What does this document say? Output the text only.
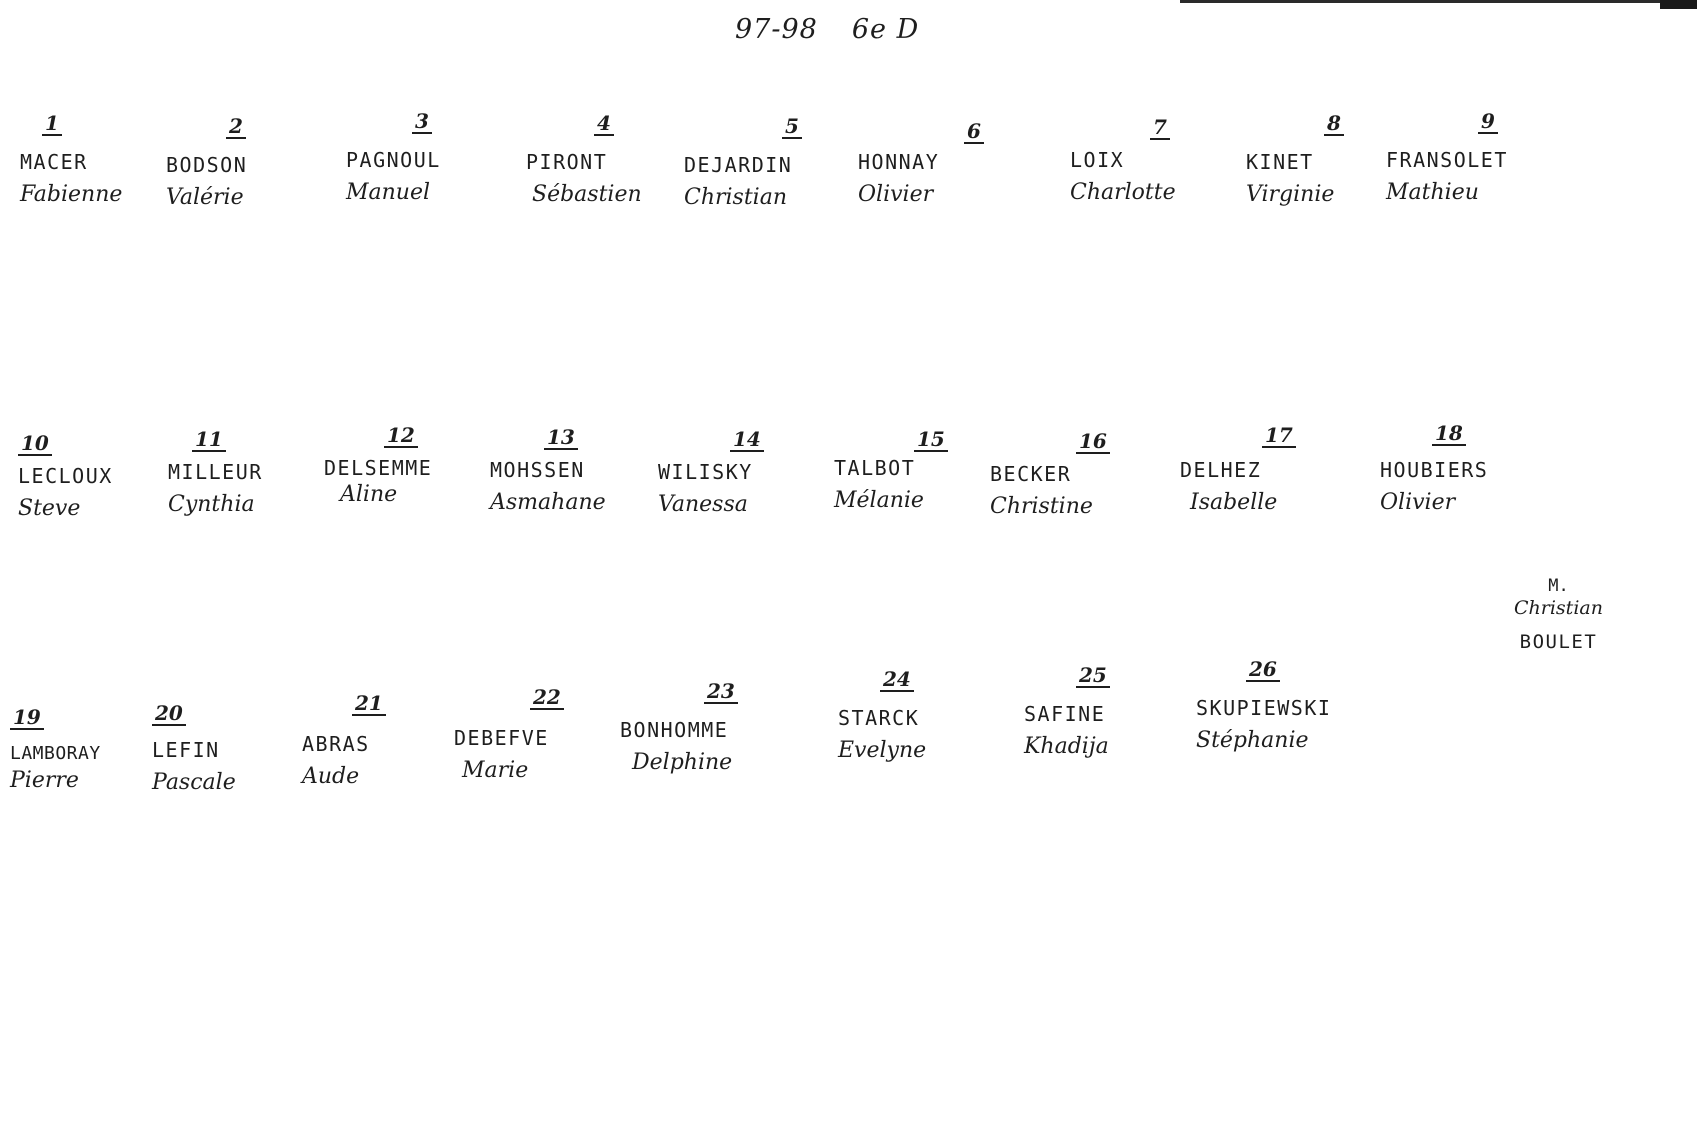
97-98 6e D
1
MACER
Fabienne
2
BODSON
Valérie
3
PAGNOUL
Manuel
4
PIRONT
Sébastien
5
DEJARDIN
Christian
6
HONNAY
Olivier
7
LOIX
Charlotte
8
KINET
Virginie
9
FRANSOLET
Mathieu
10
LECLOUX
Steve
11
MILLEUR
Cynthia
12
DELSEMME
Aline
13
MOHSSEN
Asmahane
14
WILISKY
Vanessa
15
TALBOT
Mélanie
16
BECKER
Christine
17
DELHEZ
Isabelle
18
HOUBIERS
Olivier
19
LAMBORAY
Pierre
20
LEFIN
Pascale
21
ABRAS
Aude
22
DEBEFVE
Marie
23
BONHOMME
Delphine
24
STARCK
Evelyne
25
SAFINE
Khadija
26
SKUPIEWSKI
Stéphanie
M.
Christian
BOULET
